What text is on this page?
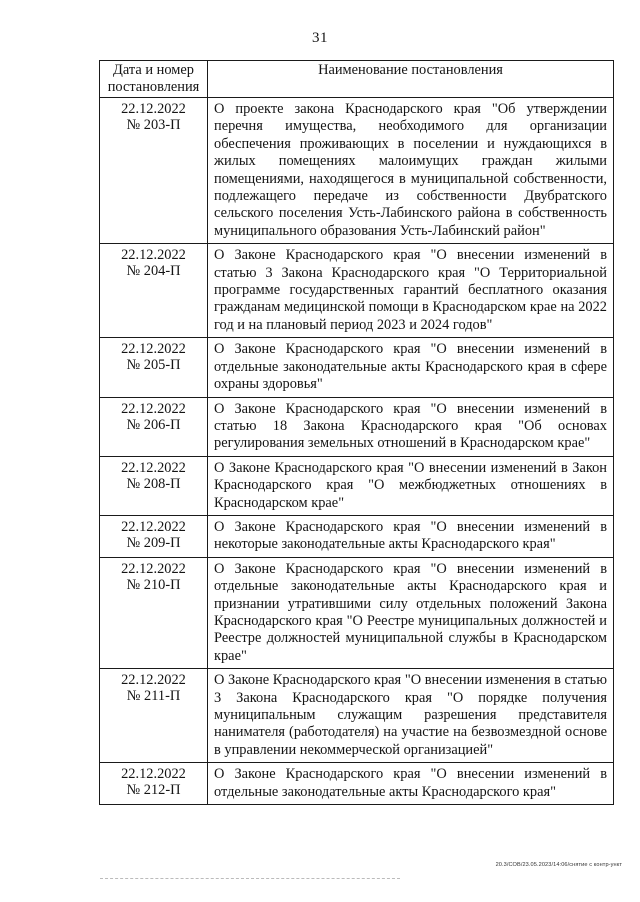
31
Дата и номер постановления	Наименование постановления

22.12.2022
№ 203-П	О проекте закона Краснодарского края "Об утверждении перечня имущества, необходимого для организации обеспечения проживающих в поселении и нуждающихся в жилых помещениях малоимущих граждан жилыми помещениями, находящегося в муниципальной собственности, подлежащего передаче из собственности Двубратского сельского поселения Усть-Лабинского района в собственность муниципального образования Усть-Лабинский район"

22.12.2022
№ 204-П	О Законе Краснодарского края "О внесении изменений в статью 3 Закона Краснодарского края "О Территориальной программе государственных гарантий бесплатного оказания гражданам медицинской помощи в Краснодарском крае на 2022 год и на плановый период 2023 и 2024 годов"

22.12.2022
№ 205-П	О Законе Краснодарского края "О внесении изменений в отдельные законодательные акты Краснодарского края в сфере охраны здоровья"

22.12.2022
№ 206-П	О Законе Краснодарского края "О внесении изменений в статью 18 Закона Краснодарского края "Об основах регулирования земельных отношений в Краснодарском крае"

22.12.2022
№ 208-П	О Законе Краснодарского края "О внесении изменений в Закон Краснодарского края "О межбюджетных отношениях в Краснодарском крае"

22.12.2022
№ 209-П	О Законе Краснодарского края "О внесении изменений в некоторые законодательные акты Краснодарского края"

22.12.2022
№ 210-П	О Законе Краснодарского края "О внесении изменений в отдельные законодательные акты Краснодарского края и признании утратившими силу отдельных положений Закона Краснодарского края "О Реестре муниципальных должностей и Реестре должностей муниципальной службы в Краснодарском крае"

22.12.2022
№ 211-П	О Законе Краснодарского края "О внесении изменения в статью 3 Закона Краснодарского края "О порядке получения муниципальным служащим разрешения представителя нанимателя (работодателя) на участие на безвозмездной основе в управлении некоммерческой организацией"

22.12.2022
№ 212-П	О Законе Краснодарского края "О внесении изменений в отдельные законодательные акты Краснодарского края"
20.3/СОВ/23.05.2023/14:06/снятие с контр-ункт
